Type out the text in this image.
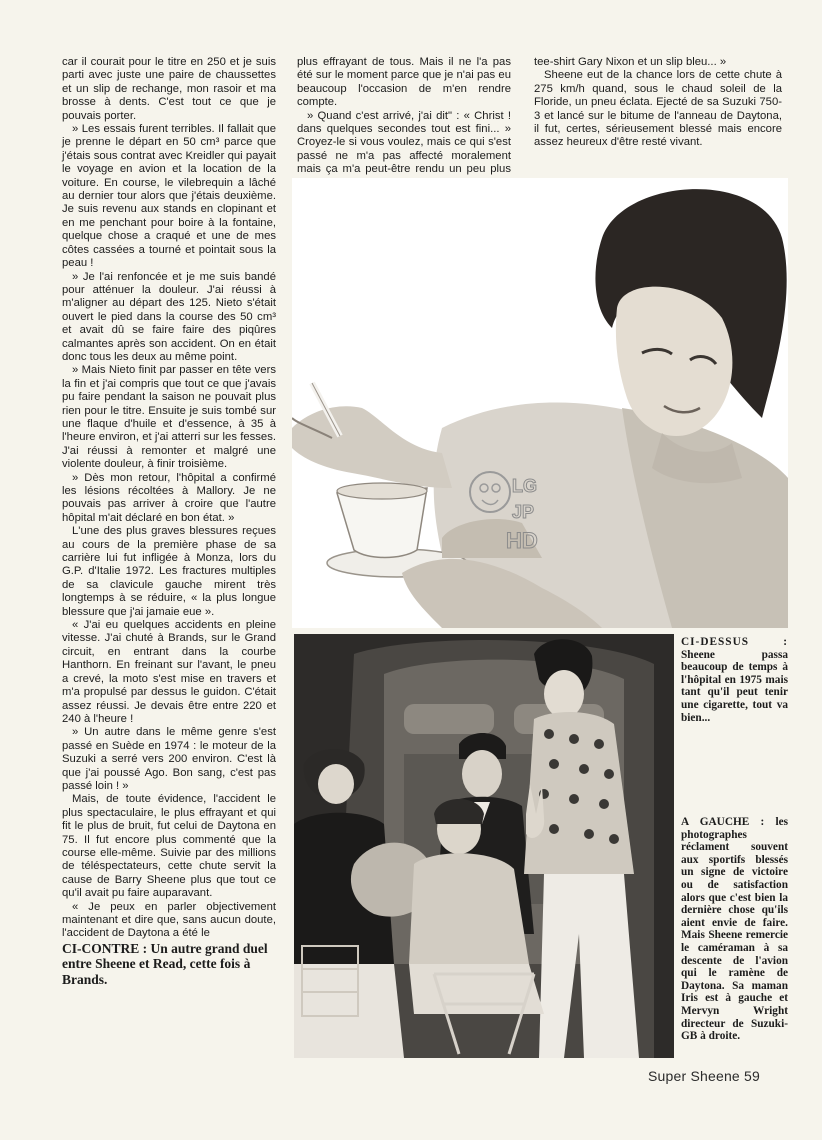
car il courait pour le titre en 250 et je suis parti avec juste une paire de chaussettes et un slip de rechange, mon rasoir et ma brosse à dents. C'est tout ce que je pouvais porter.

» Les essais furent terribles. Il fallait que je prenne le départ en 50 cm³ parce que j'étais sous contrat avec Kreidler qui payait le voyage en avion et la location de la voiture. En course, le vilebrequin a lâché au dernier tour alors que j'étais deuxième. Je suis revenu aux stands en clopinant et en me penchant pour boire à la fontaine, quelque chose a craqué et une de mes côtes cassées a tourné et pointait sous la peau !

» Je l'ai renfoncée et je me suis bandé pour atténuer la douleur. J'ai réussi à m'aligner au départ des 125. Nieto s'était ouvert le pied dans la course des 50 cm³ et avait dû se faire faire des piqûres calmantes après son accident. On en était donc tous les deux au même point.

» Mais Nieto finit par passer en tête vers la fin et j'ai compris que tout ce que j'avais pu faire pendant la saison ne pouvait plus rien pour le titre. Ensuite je suis tombé sur une flaque d'huile et d'essence, à 35 à l'heure environ, et j'ai atterri sur les fesses. J'ai réussi à remonter et malgré une violente douleur, à finir troisième.

» Dès mon retour, l'hôpital a confirmé les lésions récoltées à Mallory. Je ne pouvais pas arriver à croire que l'autre hôpital m'ait déclaré en bon état. »

L'une des plus graves blessures reçues au cours de la première phase de sa carrière lui fut infligée à Monza, lors du G.P. d'Italie 1972. Les fractures multiples de sa clavicule gauche mirent très longtemps à se réduire, « la plus longue blessure que j'ai jamaie eue ».

« J'ai eu quelques accidents en pleine vitesse. J'ai chuté à Brands, sur le Grand circuit, en entrant dans la courbe Hanthorn. En freinant sur l'avant, le pneu a crevé, la moto s'est mise en travers et m'a propulsé par dessus le guidon. C'était assez réussi. Je devais être entre 220 et 240 à l'heure !

» Un autre dans le même genre s'est passé en Suède en 1974 : le moteur de la Suzuki a serré vers 200 environ. C'est là que j'ai poussé Ago. Bon sang, c'est pas passé loin ! »

Mais, de toute évidence, l'accident le plus spectaculaire, le plus effrayant et qui fit le plus de bruit, fut celui de Daytona en 75. Il fut encore plus commenté que la course elle-même. Suivie par des millions de téléspectateurs, cette chute servit la cause de Barry Sheene plus que tout ce qu'il avait pu faire auparavant.

« Je peux en parler objectivement maintenant et dire que, sans aucun doute, l'accident de Daytona a été le

CI-CONTRE : Un autre grand duel entre Sheene et Read, cette fois à Brands.

plus effrayant de tous. Mais il ne l'a pas été sur le moment parce que je n'ai pas eu beaucoup l'occasion de m'en rendre compte.

» Quand c'est arrivé, j'ai dit" : « Christ ! dans quelques secondes tout est fini... » Croyez-le si vous voulez, mais ce qui s'est passé ne m'a pas affecté moralement mais ça m'a peut-être rendu un peu plus

tee-shirt Gary Nixon et un slip bleu... »

Sheene eut de la chance lors de cette chute à 275 km/h quand, sous le chaud soleil de la Floride, un pneu éclata. Ejecté de sa Suzuki 750-3 et lancé sur le bitume de l'anneau de Daytona, il fut, certes, sérieusement blessé mais encore assez heureux d'être resté vivant.

LG
JP
HD
CI-DESSUS : Sheene passa beaucoup de temps à l'hôpital en 1975 mais tant qu'il peut tenir une cigarette, tout va bien...
A GAUCHE : les photographes réclament souvent aux sportifs blessés un signe de victoire ou de satisfaction alors que c'est bien la dernière chose qu'ils aient envie de faire. Mais Sheene remercie le caméraman à sa descente de l'avion qui le ramène de Daytona. Sa maman Iris est à gauche et Mervyn Wright directeur de Suzuki-GB à droite.
Super Sheene 59
